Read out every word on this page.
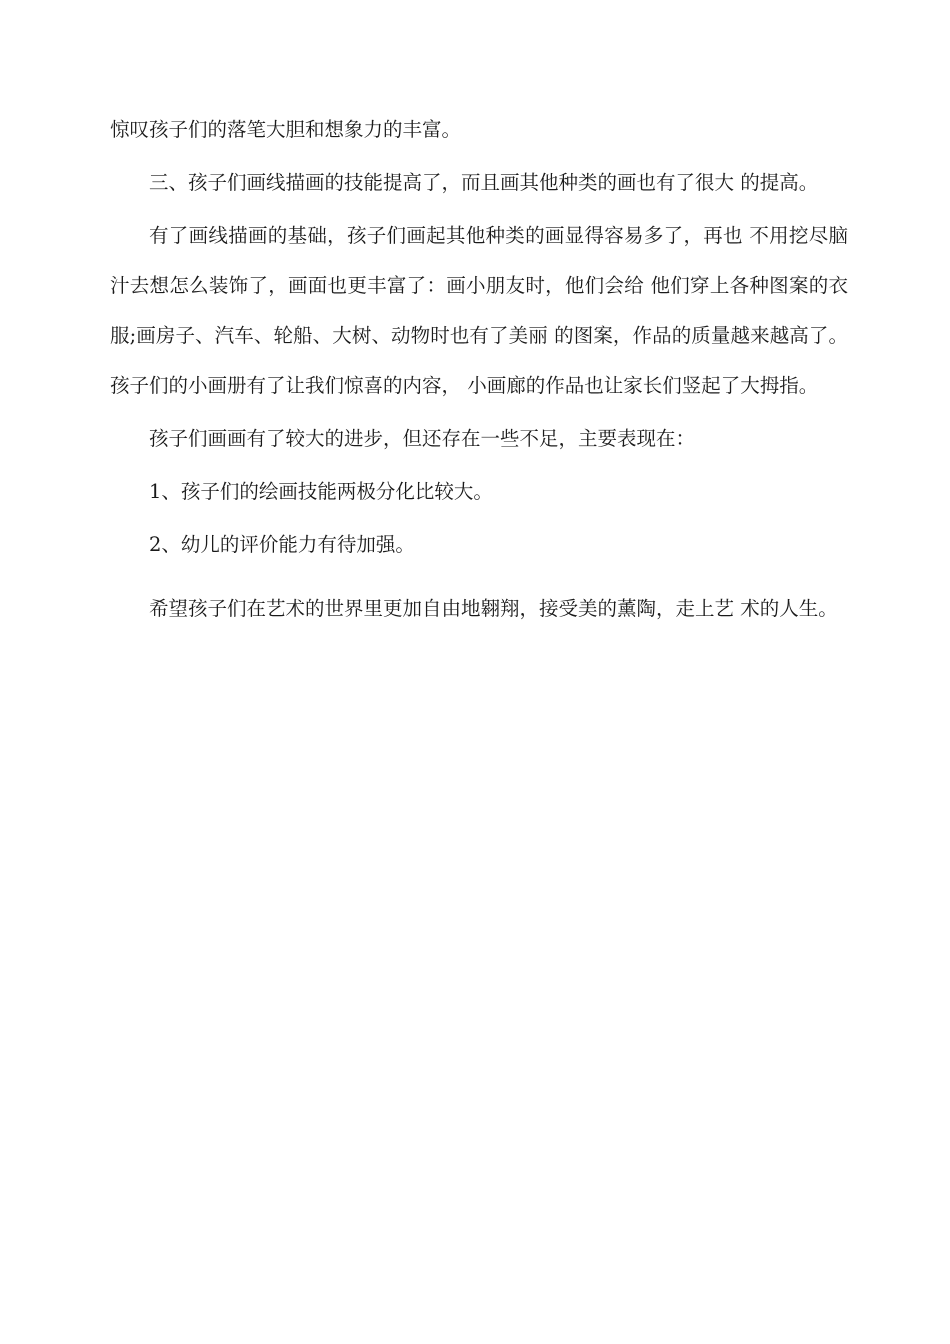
惊叹孩子们的落笔大胆和想象力的丰富。

三、孩子们画线描画的技能提高了，而且画其他种类的画也有了很大 的提高。

有了画线描画的基础，孩子们画起其他种类的画显得容易多了，再也 不用挖尽脑汁去想怎么装饰了，画面也更丰富了：画小朋友时，他们会给 他们穿上各种图案的衣服;画房子、汽车、轮船、大树、动物时也有了美丽 的图案，作品的质量越来越高了。孩子们的小画册有了让我们惊喜的内容， 小画廊的作品也让家长们竖起了大拇指。

孩子们画画有了较大的进步，但还存在一些不足，主要表现在：

1、孩子们的绘画技能两极分化比较大。

2、幼儿的评价能力有待加强。

希望孩子们在艺术的世界里更加自由地翱翔，接受美的薰陶，走上艺 术的人生。
